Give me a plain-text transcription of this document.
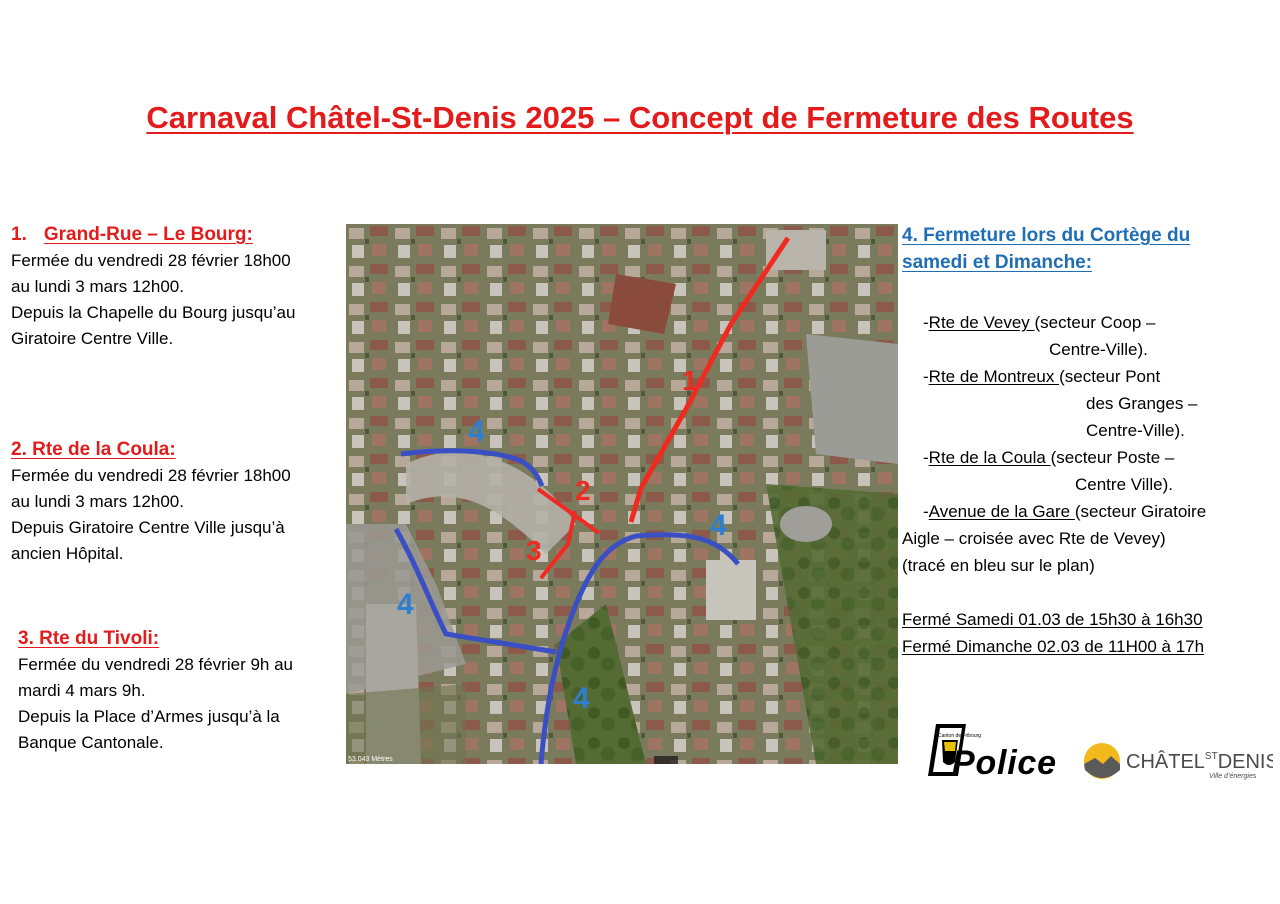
Carnaval Châtel-St-Denis 2025 – Concept de Fermeture des Routes
1. Grand-Rue – Le Bourg:
Fermée du vendredi 28 février 18h00
au lundi 3 mars 12h00.
Depuis la Chapelle du Bourg jusqu’au
Giratoire Centre Ville.
2. Rte de la Coula:
Fermée du vendredi 28 février 18h00
au lundi 3 mars 12h00.
Depuis Giratoire Centre Ville jusqu’à
ancien Hôpital.
3. Rte du Tivoli:
Fermée du vendredi 28 février 9h au
mardi 4 mars 9h.
Depuis la Place d’Armes jusqu’à la
Banque Cantonale.
4. Fermeture lors du Cortège du
samedi et Dimanche:
-Rte de Vevey (secteur Coop –
Centre-Ville).
-Rte de Montreux (secteur Pont
des Granges –
Centre-Ville).
-Rte de la Coula (secteur Poste –
Centre Ville).
-Avenue de la Gare (secteur Giratoire
Aigle – croisée avec Rte de Vevey)
(tracé en bleu sur le plan)
Fermé Samedi 01.03 de 15h30 à 16h30
Fermé Dimanche 02.03 de 11H00 à 17h
1
2
3
4
4
4
4
53.043 Mètres
Canton de Fribourg
Police	$CHÂTEL^{ST}DENIS$
Ville d’énergies
